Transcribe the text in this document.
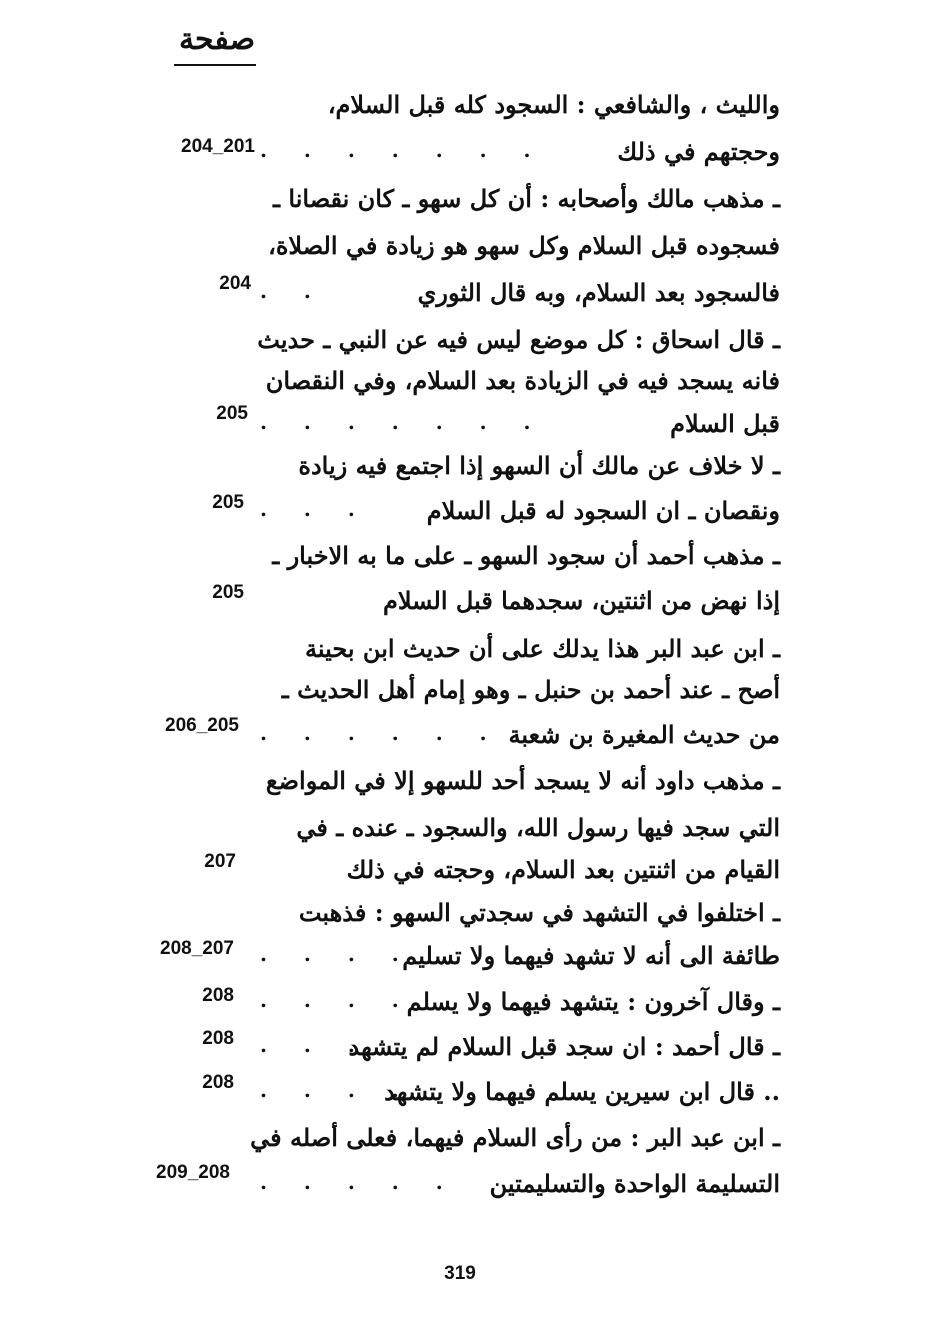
صفحة
والليث ، والشافعي : السجود كله قبل السلام،
وحجتهم في ذلك
. . . . . . .
204_201
ـ مذهب مالك وأصحابه : أن كل سهو ـ كان نقصانا ـ
فسجوده قبل السلام وكل سهو هو زيادة في الصلاة،
فالسجود بعد السلام، وبه قال الثوري
. .
204
ـ قال اسحاق : كل موضع ليس فيه عن النبي ـ حديث
فانه يسجد فيه في الزيادة بعد السلام، وفي النقصان
قبل السلام
. . . . . . .
205
ـ لا خلاف عن مالك أن السهو إذا اجتمع فيه زيادة
ونقصان ـ ان السجود له قبل السلام
. . .
205
ـ مذهب أحمد أن سجود السهو ـ على ما به الاخبار ـ
إذا نهض من اثنتين، سجدهما قبل السلام
205
ـ ابن عبد البر هذا يدلك على أن حديث ابن بحينة
أصح ـ عند أحمد بن حنبل ـ وهو إمام أهل الحديث ـ
من حديث المغيرة بن شعبة
. . . . . .
206_205
ـ مذهب داود أنه لا يسجد أحد للسهو إلا في المواضع
التي سجد فيها رسول الله، والسجود ـ عنده ـ في
القيام من اثنتين بعد السلام، وحجته في ذلك
207
ـ اختلفوا في التشهد في سجدتي السهو : فذهبت
طائفة الى أنه لا تشهد فيهما ولا تسليم
. . . .
208_207
ـ وقال آخرون : يتشهد فيهما ولا يسلم
. . . .
208
ـ قال أحمد : ان سجد قبل السلام لم يتشهد
. . .
208
.. قال ابن سيرين يسلم فيهما ولا يتشهد
. . . .
208
ـ ابن عبد البر : من رأى السلام فيهما، فعلى أصله في
التسليمة الواحدة والتسليمتين
. . . . .
209_208
319
